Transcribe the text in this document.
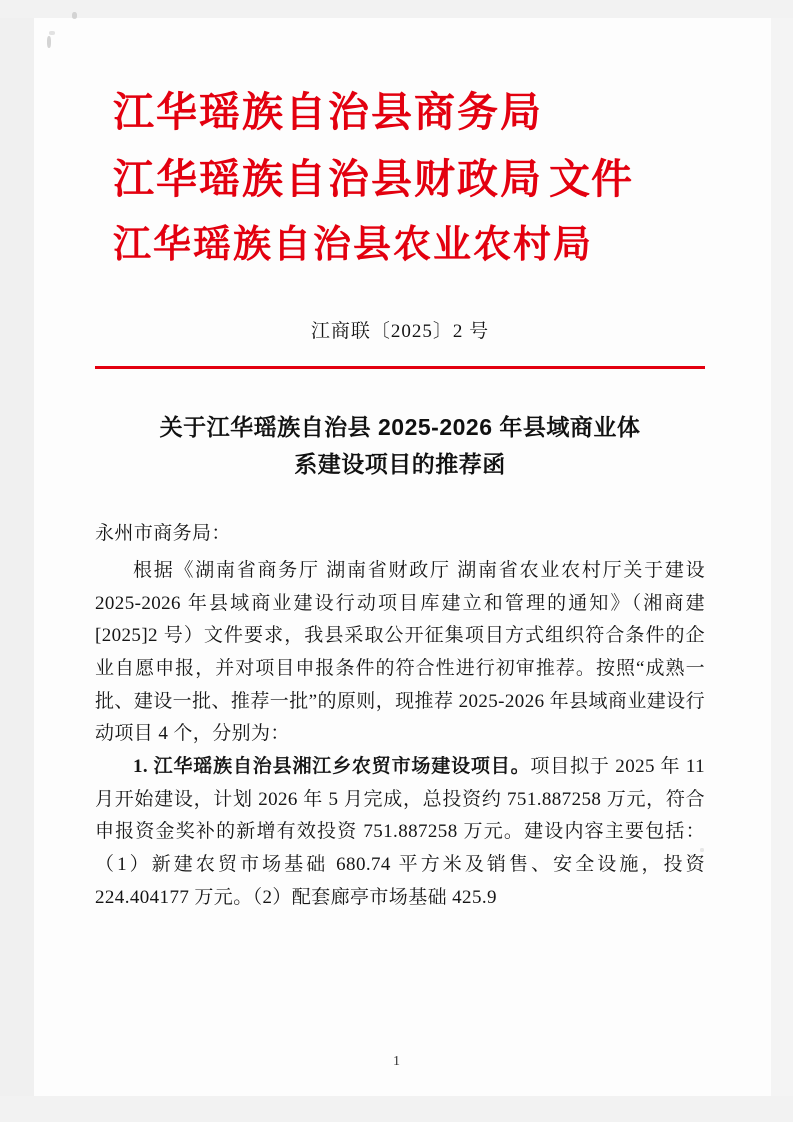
江华瑶族自治县商务局
江华瑶族自治县财政局 文件
江华瑶族自治县农业农村局
江商联〔2025〕2 号
关于江华瑶族自治县 2025-2026 年县域商业体
系建设项目的推荐函

永州市商务局：

根据《湖南省商务厅 湖南省财政厅 湖南省农业农村厅关于建设 2025-2026 年县域商业建设行动项目库建立和管理的通知》（湘商建[2025]2 号）文件要求，我县采取公开征集项目方式组织符合条件的企业自愿申报，并对项目申报条件的符合性进行初审推荐。按照“成熟一批、建设一批、推荐一批”的原则，现推荐 2025-2026 年县域商业建设行动项目 4 个，分别为：

1. 江华瑶族自治县湘江乡农贸市场建设项目。项目拟于 2025 年 11 月开始建设，计划 2026 年 5 月完成，总投资约 751.887258 万元，符合申报资金奖补的新增有效投资 751.887258 万元。建设内容主要包括：（1）新建农贸市场基础 680.74 平方米及销售、安全设施，投资 224.404177 万元。（2）配套廊亭市场基础 425.9

1
